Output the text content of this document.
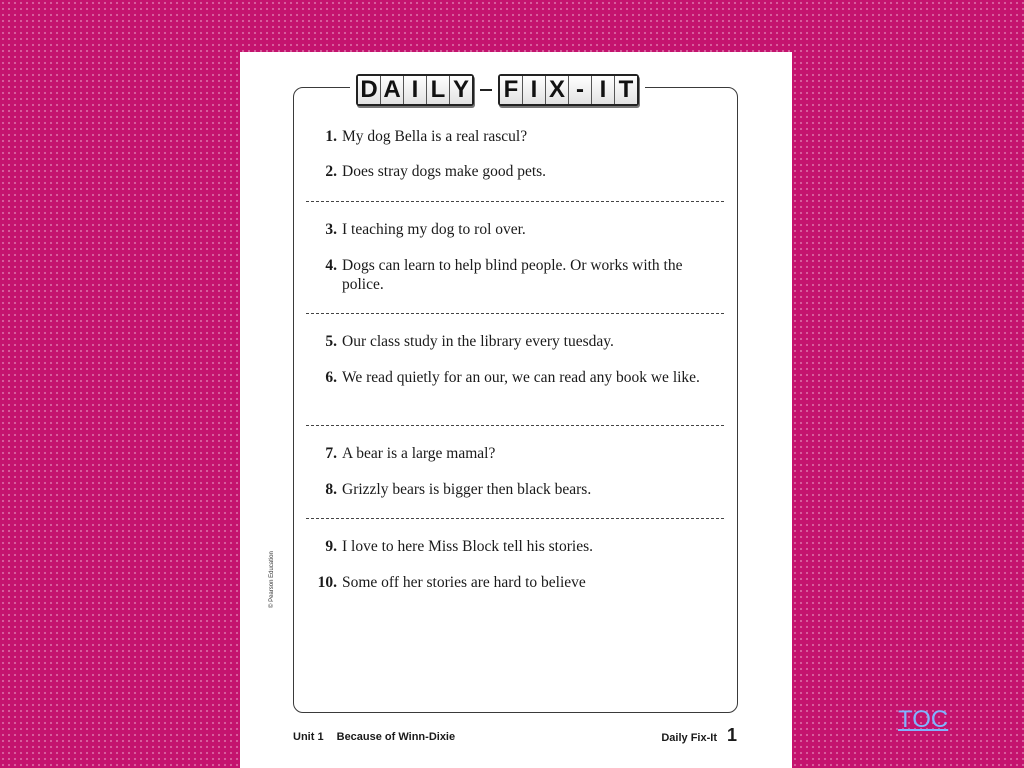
D A I L Y F I X - I T
1. My dog Bella is a real rascul?
2. Does stray dogs make good pets.
3. I teaching my dog to rol over.
4. Dogs can learn to help blind people. Or works with the police.
5. Our class study in the library every tuesday.
6. We read quietly for an our, we can read any book we like.
7. A bear is a large mamal?
8. Grizzly bears is bigger then black bears.
9. I love to here Miss Block tell his stories.
10. Some off her stories are hard to believe
© Pearson Education
Unit 1 Because of Winn-Dixie	Daily Fix-It 1
TOC
